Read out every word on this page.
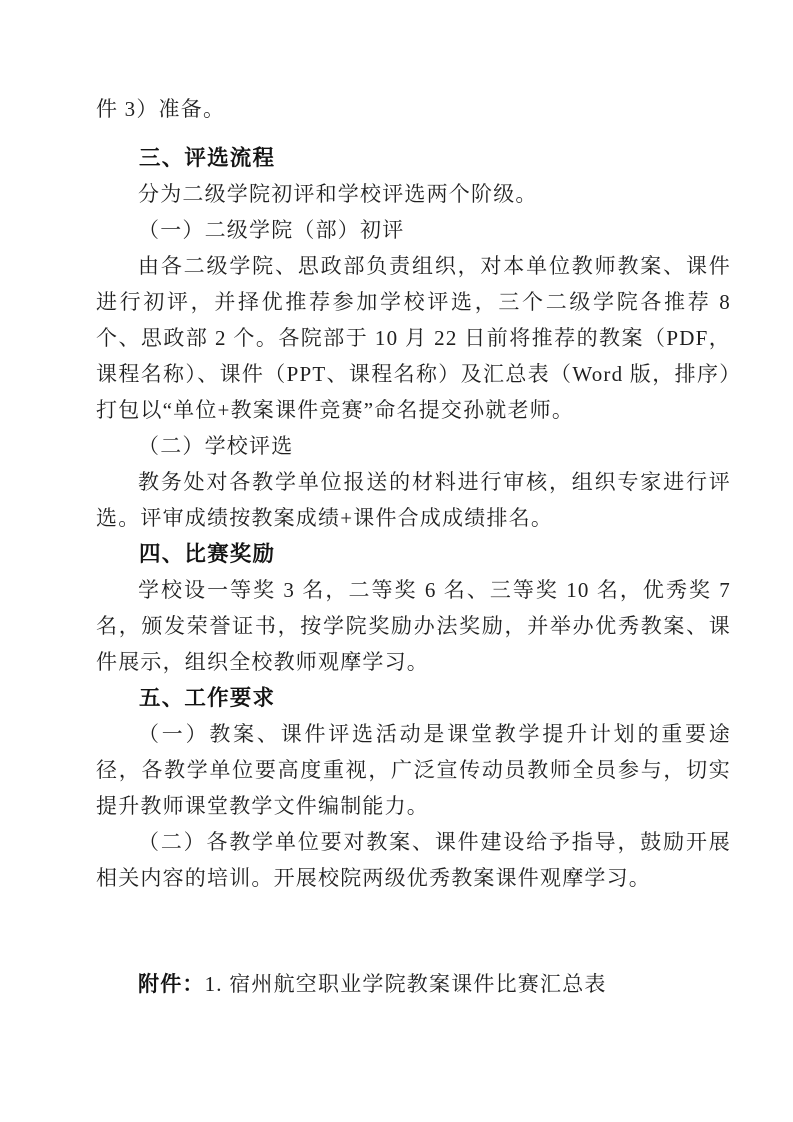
件 3）准备。

三、评选流程

分为二级学院初评和学校评选两个阶级。

（一）二级学院（部）初评

由各二级学院、思政部负责组织，对本单位教师教案、课件进行初评，并择优推荐参加学校评选，三个二级学院各推荐 8 个、思政部 2 个。各院部于 10 月 22 日前将推荐的教案（PDF，课程名称）、课件（PPT、课程名称）及汇总表（Word 版，排序）打包以“单位+教案课件竞赛”命名提交孙就老师。

（二）学校评选

教务处对各教学单位报送的材料进行审核，组织专家进行评选。评审成绩按教案成绩+课件合成成绩排名。

四、比赛奖励

学校设一等奖 3 名，二等奖 6 名、三等奖 10 名，优秀奖 7 名，颁发荣誉证书，按学院奖励办法奖励，并举办优秀教案、课件展示，组织全校教师观摩学习。

五、工作要求

（一）教案、课件评选活动是课堂教学提升计划的重要途径，各教学单位要高度重视，广泛宣传动员教师全员参与，切实提升教师课堂教学文件编制能力。

（二）各教学单位要对教案、课件建设给予指导，鼓励开展相关内容的培训。开展校院两级优秀教案课件观摩学习。

附件：1. 宿州航空职业学院教案课件比赛汇总表
